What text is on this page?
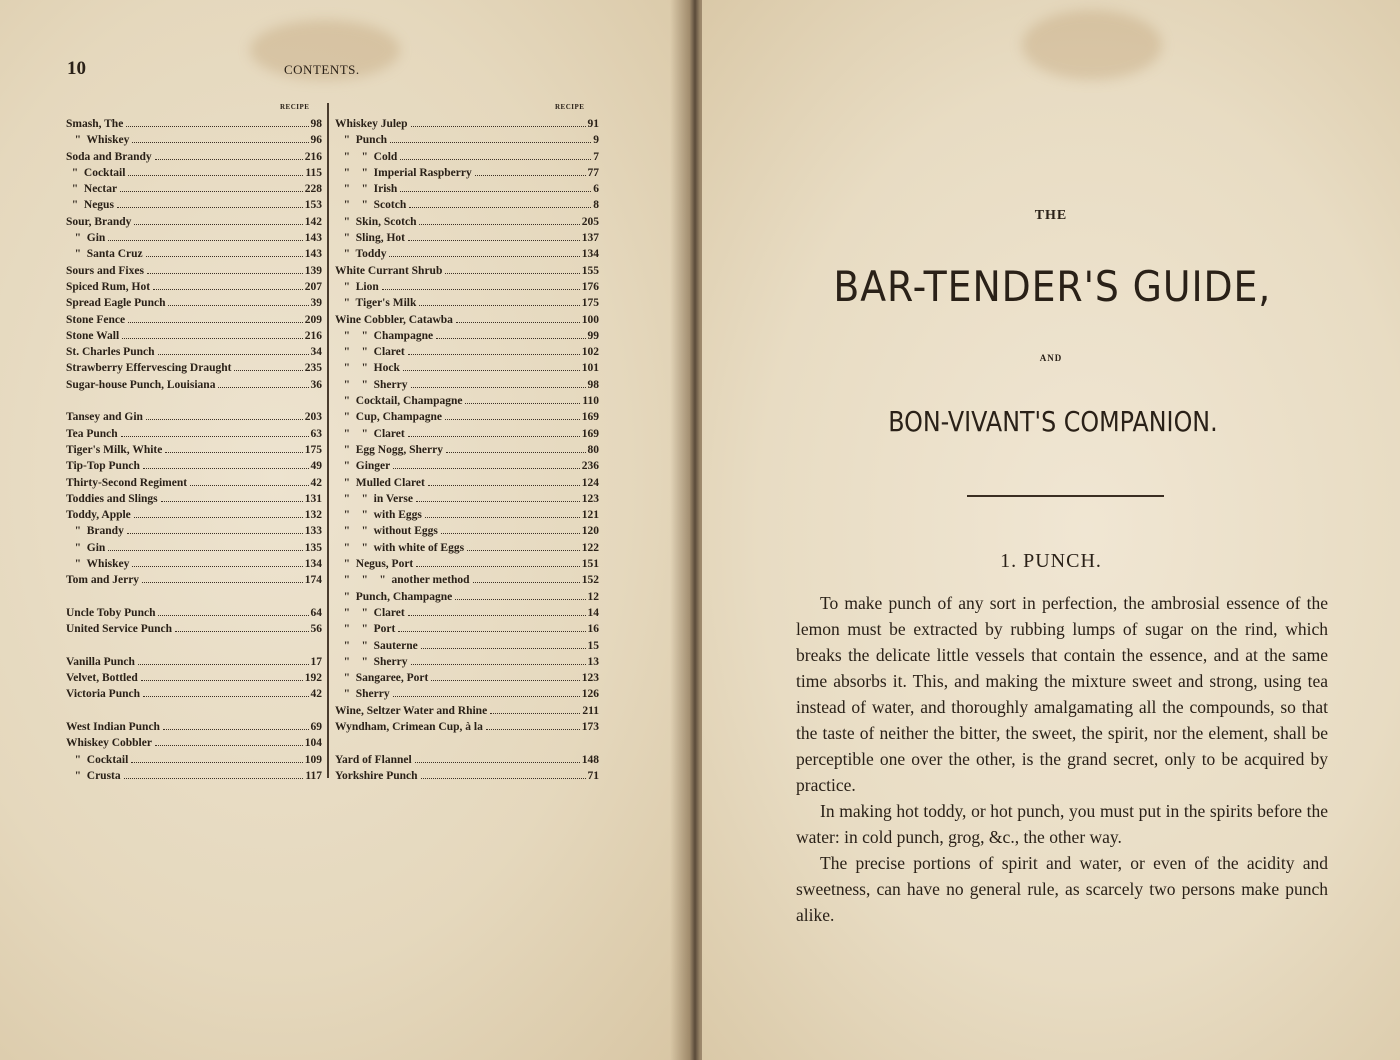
10	CONTENTS.
RECIPE	RECIPE
Smash, The	98
"  Whiskey	96
Soda and Brandy	216
"  Cocktail	115
"  Nectar	228
"  Negus	153
Sour, Brandy	142
"  Gin	143
"  Santa Cruz	143
Sours and Fixes	139
Spiced Rum, Hot	207
Spread Eagle Punch	39
Stone Fence	209
Stone Wall	216
St. Charles Punch	34
Strawberry Effervescing Draught	235
Sugar-house Punch, Louisiana	36
Tansey and Gin	203
Tea Punch	63
Tiger's Milk, White	175
Tip-Top Punch	49
Thirty-Second Regiment	42
Toddies and Slings	131
Toddy, Apple	132
"  Brandy	133
"  Gin	135
"  Whiskey	134
Tom and Jerry	174
Uncle Toby Punch	64
United Service Punch	56
Vanilla Punch	17
Velvet, Bottled	192
Victoria Punch	42
West Indian Punch	69
Whiskey Cobbler	104
"  Cocktail	109
"  Crusta	117
Whiskey Julep	91
"  Punch	9
"    "  Cold	7
"    "  Imperial Raspberry	77
"    "  Irish	6
"    "  Scotch	8
"  Skin, Scotch	205
"  Sling, Hot	137
"  Toddy	134
White Currant Shrub	155
"  Lion	176
"  Tiger's Milk	175
Wine Cobbler, Catawba	100
"    "  Champagne	99
"    "  Claret	102
"    "  Hock	101
"    "  Sherry	98
"  Cocktail, Champagne	110
"  Cup, Champagne	169
"    "  Claret	169
"  Egg Nogg, Sherry	80
"  Ginger	236
"  Mulled Claret	124
"    "  in Verse	123
"    "  with Eggs	121
"    "  without Eggs	120
"    "  with white of Eggs	122
"  Negus, Port	151
"    "    "  another method	152
"  Punch, Champagne	12
"    "  Claret	14
"    "  Port	16
"    "  Sauterne	15
"    "  Sherry	13
"  Sangaree, Port	123
"  Sherry	126
Wine, Seltzer Water and Rhine	211
Wyndham, Crimean Cup, à la	173
Yard of Flannel	148
Yorkshire Punch	71
THE
BAR-TENDER'S GUIDE,
AND
BON-VIVANT'S COMPANION.
1. PUNCH.

To make punch of any sort in perfection, the ambrosial essence of the lemon must be extracted by rubbing lumps of sugar on the rind, which breaks the delicate little vessels that contain the essence, and at the same time absorbs it. This, and making the mixture sweet and strong, using tea instead of water, and thoroughly amalgamating all the compounds, so that the taste of neither the bitter, the sweet, the spirit, nor the element, shall be perceptible one over the other, is the grand secret, only to be acquired by practice.

In making hot toddy, or hot punch, you must put in the spirits before the water: in cold punch, grog, &c., the other way.

The precise portions of spirit and water, or even of the acidity and sweetness, can have no general rule, as scarcely two persons make punch alike.
